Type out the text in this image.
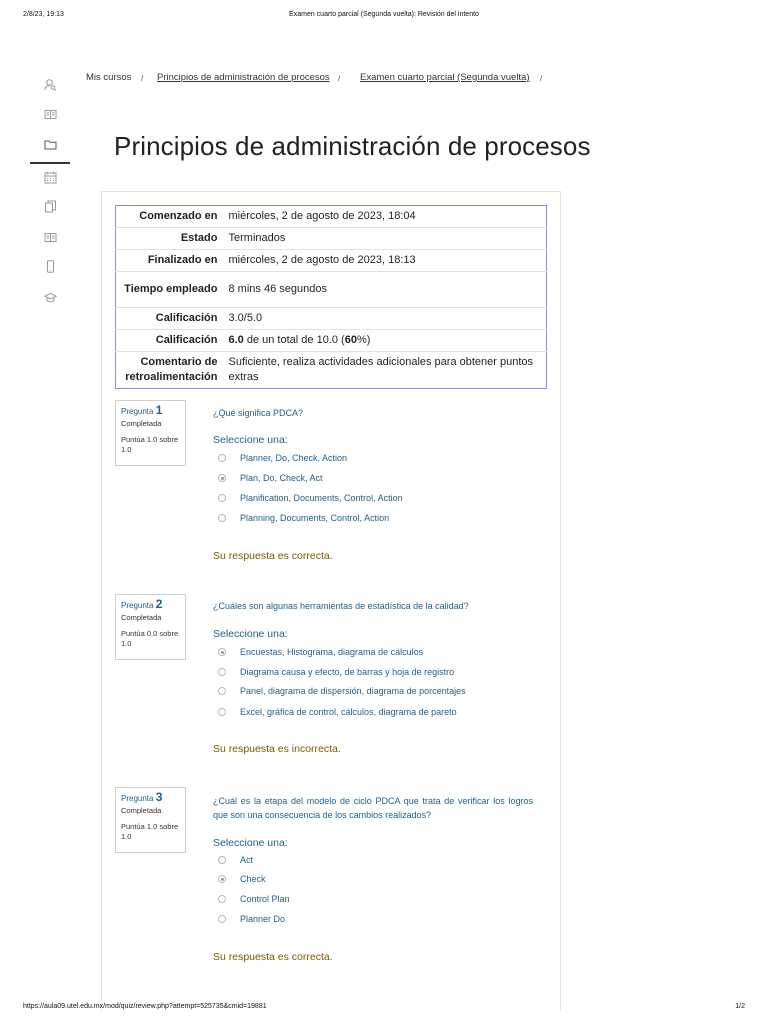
2/8/23, 19:13	Examen cuarto parcial (Segunda vuelta): Revisión del intento
Mis cursos / Principios de administración de procesos / Examen cuarto parcial (Segunda vuelta) /
Principios de administración de procesos
Comenzado en	miércoles, 2 de agosto de 2023, 18:04
Estado	Terminados
Finalizado en	miércoles, 2 de agosto de 2023, 18:13
Tiempo empleado	8 mins 46 segundos
Calificación	3.0/5.0
Calificación	6.0 de un total de 10.0 (60%)
Comentario de retroalimentación	Suficiente, realiza actividades adicionales para obtener puntos extras
Pregunta 1
Completada
Puntúa 1.0 sobre 1.0
¿Qué significa PDCA?
Seleccione una:
Planner, Do, Check, Action
Plan, Do, Check, Act
Planification, Documents, Control, Action
Planning, Documents, Control, Action
Su respuesta es correcta.
Pregunta 2
Completada
Puntúa 0.0 sobre 1.0
¿Cuáles son algunas herramientas de estadística de la calidad?
Seleccione una:
Encuestas, Histograma, diagrama de cálculos
Diagrama causa y efecto, de barras y hoja de registro
Panel, diagrama de dispersión, diagrama de porcentajes
Excel, gráfica de control, cálculos, diagrama de pareto
Su respuesta es incorrecta.
Pregunta 3
Completada
Puntúa 1.0 sobre 1.0
¿Cuál es la etapa del modelo de ciclo PDCA que trata de verificar los logros que son una consecuencia de los cambios realizados?
Seleccione una:
Act
Check
Control Plan
Planner Do
Su respuesta es correcta.
https://aula09.utel.edu.mx/mod/quiz/review.php?attempt=525735&cmid=19881	1/2
